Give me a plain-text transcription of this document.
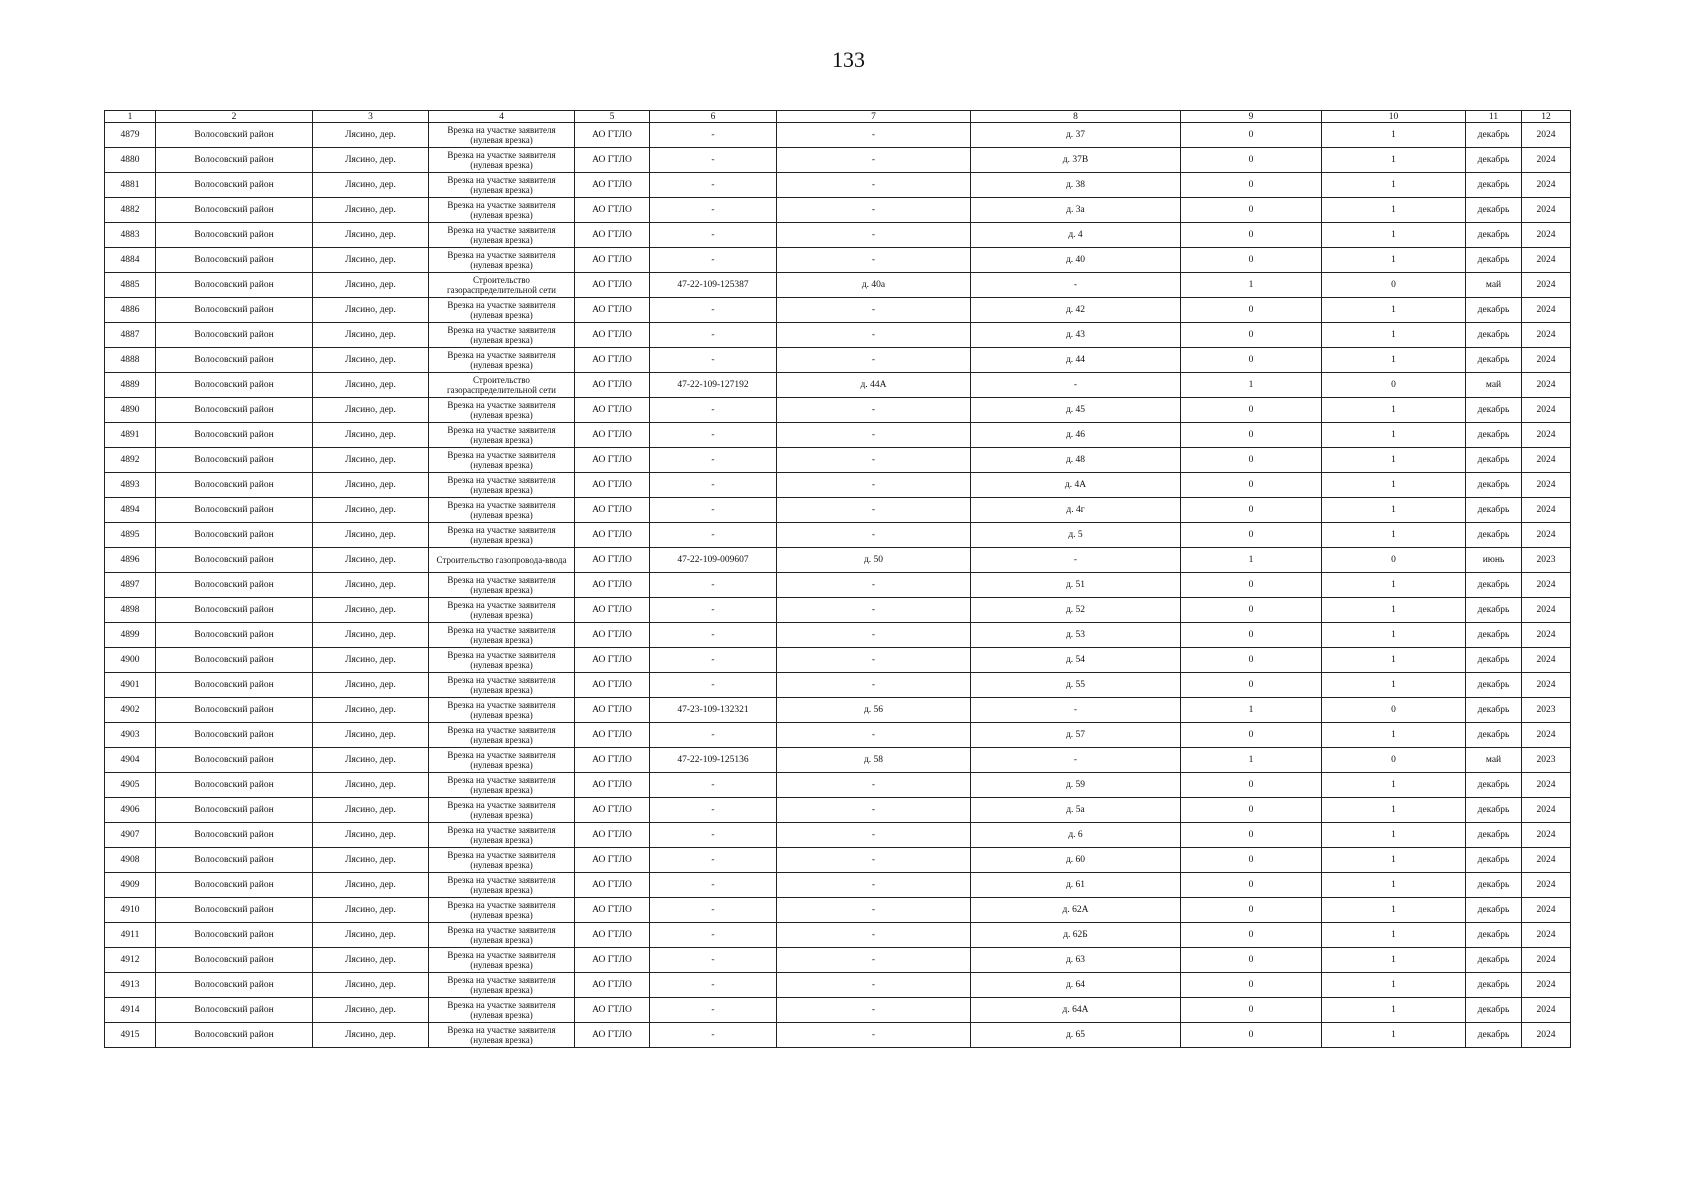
133
1	2	3	4	5	6	7	8	9	10	11	12
4879	Волосовский район	Лясино, дер.	Врезка на участке заявителя (нулевая врезка)	АО ГТЛО	-	-	д. 37	0	1	декабрь	2024
4880	Волосовский район	Лясино, дер.	Врезка на участке заявителя (нулевая врезка)	АО ГТЛО	-	-	д. 37В	0	1	декабрь	2024
4881	Волосовский район	Лясино, дер.	Врезка на участке заявителя (нулевая врезка)	АО ГТЛО	-	-	д. 38	0	1	декабрь	2024
4882	Волосовский район	Лясино, дер.	Врезка на участке заявителя (нулевая врезка)	АО ГТЛО	-	-	д. 3а	0	1	декабрь	2024
4883	Волосовский район	Лясино, дер.	Врезка на участке заявителя (нулевая врезка)	АО ГТЛО	-	-	д. 4	0	1	декабрь	2024
4884	Волосовский район	Лясино, дер.	Врезка на участке заявителя (нулевая врезка)	АО ГТЛО	-	-	д. 40	0	1	декабрь	2024
4885	Волосовский район	Лясино, дер.	Строительство газораспределительной сети	АО ГТЛО	47-22-109-125387	д. 40а	-	1	0	май	2024
4886	Волосовский район	Лясино, дер.	Врезка на участке заявителя (нулевая врезка)	АО ГТЛО	-	-	д. 42	0	1	декабрь	2024
4887	Волосовский район	Лясино, дер.	Врезка на участке заявителя (нулевая врезка)	АО ГТЛО	-	-	д. 43	0	1	декабрь	2024
4888	Волосовский район	Лясино, дер.	Врезка на участке заявителя (нулевая врезка)	АО ГТЛО	-	-	д. 44	0	1	декабрь	2024
4889	Волосовский район	Лясино, дер.	Строительство газораспределительной сети	АО ГТЛО	47-22-109-127192	д. 44А	-	1	0	май	2024
4890	Волосовский район	Лясино, дер.	Врезка на участке заявителя (нулевая врезка)	АО ГТЛО	-	-	д. 45	0	1	декабрь	2024
4891	Волосовский район	Лясино, дер.	Врезка на участке заявителя (нулевая врезка)	АО ГТЛО	-	-	д. 46	0	1	декабрь	2024
4892	Волосовский район	Лясино, дер.	Врезка на участке заявителя (нулевая врезка)	АО ГТЛО	-	-	д. 48	0	1	декабрь	2024
4893	Волосовский район	Лясино, дер.	Врезка на участке заявителя (нулевая врезка)	АО ГТЛО	-	-	д. 4А	0	1	декабрь	2024
4894	Волосовский район	Лясино, дер.	Врезка на участке заявителя (нулевая врезка)	АО ГТЛО	-	-	д. 4г	0	1	декабрь	2024
4895	Волосовский район	Лясино, дер.	Врезка на участке заявителя (нулевая врезка)	АО ГТЛО	-	-	д. 5	0	1	декабрь	2024
4896	Волосовский район	Лясино, дер.	Строительство газопровода-ввода	АО ГТЛО	47-22-109-009607	д. 50	-	1	0	июнь	2023
4897	Волосовский район	Лясино, дер.	Врезка на участке заявителя (нулевая врезка)	АО ГТЛО	-	-	д. 51	0	1	декабрь	2024
4898	Волосовский район	Лясино, дер.	Врезка на участке заявителя (нулевая врезка)	АО ГТЛО	-	-	д. 52	0	1	декабрь	2024
4899	Волосовский район	Лясино, дер.	Врезка на участке заявителя (нулевая врезка)	АО ГТЛО	-	-	д. 53	0	1	декабрь	2024
4900	Волосовский район	Лясино, дер.	Врезка на участке заявителя (нулевая врезка)	АО ГТЛО	-	-	д. 54	0	1	декабрь	2024
4901	Волосовский район	Лясино, дер.	Врезка на участке заявителя (нулевая врезка)	АО ГТЛО	-	-	д. 55	0	1	декабрь	2024
4902	Волосовский район	Лясино, дер.	Врезка на участке заявителя (нулевая врезка)	АО ГТЛО	47-23-109-132321	д. 56	-	1	0	декабрь	2023
4903	Волосовский район	Лясино, дер.	Врезка на участке заявителя (нулевая врезка)	АО ГТЛО	-	-	д. 57	0	1	декабрь	2024
4904	Волосовский район	Лясино, дер.	Врезка на участке заявителя (нулевая врезка)	АО ГТЛО	47-22-109-125136	д. 58	-	1	0	май	2023
4905	Волосовский район	Лясино, дер.	Врезка на участке заявителя (нулевая врезка)	АО ГТЛО	-	-	д. 59	0	1	декабрь	2024
4906	Волосовский район	Лясино, дер.	Врезка на участке заявителя (нулевая врезка)	АО ГТЛО	-	-	д. 5а	0	1	декабрь	2024
4907	Волосовский район	Лясино, дер.	Врезка на участке заявителя (нулевая врезка)	АО ГТЛО	-	-	д. 6	0	1	декабрь	2024
4908	Волосовский район	Лясино, дер.	Врезка на участке заявителя (нулевая врезка)	АО ГТЛО	-	-	д. 60	0	1	декабрь	2024
4909	Волосовский район	Лясино, дер.	Врезка на участке заявителя (нулевая врезка)	АО ГТЛО	-	-	д. 61	0	1	декабрь	2024
4910	Волосовский район	Лясино, дер.	Врезка на участке заявителя (нулевая врезка)	АО ГТЛО	-	-	д. 62А	0	1	декабрь	2024
4911	Волосовский район	Лясино, дер.	Врезка на участке заявителя (нулевая врезка)	АО ГТЛО	-	-	д. 62Б	0	1	декабрь	2024
4912	Волосовский район	Лясино, дер.	Врезка на участке заявителя (нулевая врезка)	АО ГТЛО	-	-	д. 63	0	1	декабрь	2024
4913	Волосовский район	Лясино, дер.	Врезка на участке заявителя (нулевая врезка)	АО ГТЛО	-	-	д. 64	0	1	декабрь	2024
4914	Волосовский район	Лясино, дер.	Врезка на участке заявителя (нулевая врезка)	АО ГТЛО	-	-	д. 64А	0	1	декабрь	2024
4915	Волосовский район	Лясино, дер.	Врезка на участке заявителя (нулевая врезка)	АО ГТЛО	-	-	д. 65	0	1	декабрь	2024
